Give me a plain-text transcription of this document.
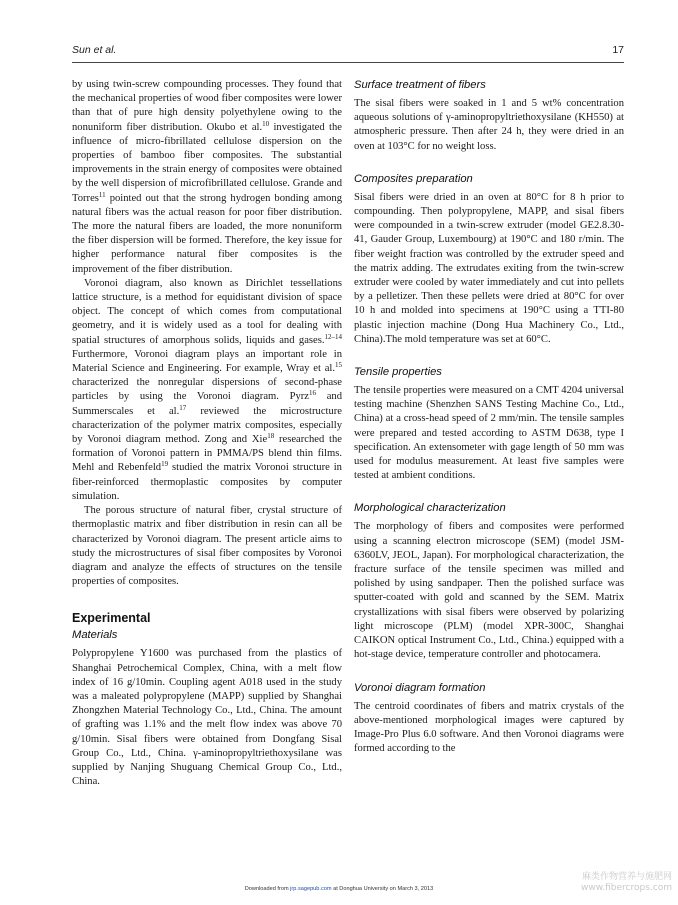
Sun et al.	17

by using twin-screw compounding processes. They found that the mechanical properties of wood fiber composites were lower than that of pure high density polyethylene owing to the nonuniform fiber distribution. Okubo et al.$^{10}$ investigated the influence of micro-fibrillated cellulose dispersion on the properties of bamboo fiber composites. The substantial improvements in the strain energy of composites were obtained by the well dispersion of microfibrillated cellulose. Grande and Torres$^{11}$ pointed out that the strong hydrogen bonding among natural fibers was the actual reason for poor fiber distribution. The more the natural fibers are loaded, the more nonuniform the fiber dispersion will be formed. Therefore, the key issue for higher performance natural fiber composites is the improvement of the fiber distribution.

Voronoi diagram, also known as Dirichlet tessellations lattice structure, is a method for equidistant division of space object. The concept of which comes from computational geometry, and it is widely used as a tool for dealing with spatial structures of amorphous solids, liquids and gases.$^{12-14}$ Furthermore, Voronoi diagram plays an important role in Material Science and Engineering. For example, Wray et al.$^{15}$ characterized the nonregular dispersions of second-phase particles by using the Voronoi diagram. Pyrz$^{16}$ and Summerscales et al.$^{17}$ reviewed the microstructure characterization of the polymer matrix composites, especially by Voronoi diagram method. Zong and Xie$^{18}$ researched the formation of Voronoi pattern in PMMA/PS blend thin films. Mehl and Rebenfeld$^{19}$ studied the matrix Voronoi structure in fiber-reinforced thermoplastic composites by computer simulation.

The porous structure of natural fiber, crystal structure of thermoplastic matrix and fiber distribution in resin can all be characterized by Voronoi diagram. The present article aims to study the microstructures of sisal fiber composites by Voronoi diagram and analyze the effects of structures on the tensile properties of composites.

Experimental
Materials

Polypropylene Y1600 was purchased from the plastics of Shanghai Petrochemical Complex, China, with a melt flow index of 16 g/10min. Coupling agent A018 used in the study was a maleated polypropylene (MAPP) supplied by Shanghai Zhongzhen Material Technology Co., Ltd., China. The amount of grafting was 1.1% and the melt flow index was above 70 g/10min. Sisal fibers were obtained from Dongfang Sisal Group Co., Ltd., China. γ-aminopropyltriethoxysilane was supplied by Nanjing Shuguang Chemical Group Co., Ltd., China.

Surface treatment of fibers

The sisal fibers were soaked in 1 and 5 wt% concentration aqueous solutions of γ-aminopropyltriethoxysilane (KH550) at atmospheric pressure. Then after 24 h, they were dried in an oven at 103°C for no weight loss.

Composites preparation

Sisal fibers were dried in an oven at 80°C for 8 h prior to compounding. Then polypropylene, MAPP, and sisal fibers were compounded in a twin-screw extruder (model GE2.8.30-41, Gauder Group, Luxembourg) at 190°C and 180 r/min. The fiber weight fraction was controlled by the extruder speed and the matrix adding. The extrudates exiting from the twin-screw extruder were cooled by water immediately and cut into pellets by a pelletizer. Then these pellets were dried at 80°C for over 10 h and molded into specimens at 190°C using a TTI-80 plastic injection machine (Dong Hua Machinery Co., Ltd., China).The mold temperature was set at 60°C.

Tensile properties

The tensile properties were measured on a CMT 4204 universal testing machine (Shenzhen SANS Testing Machine Co., Ltd., China) at a cross-head speed of 2 mm/min. The tensile samples were prepared and tested according to ASTM D638, type I specification. An extensometer with gage length of 50 mm was used for modulus measurement. At least five samples were tested at ambient conditions.

Morphological characterization

The morphology of fibers and composites were performed using a scanning electron microscope (SEM) (model JSM-6360LV, JEOL, Japan). For morphological characterization, the fracture surface of the tensile specimen was milled and polished by using sandpaper. Then the polished surface was sputter-coated with gold and scanned by the SEM. Matrix crystallizations with sisal fibers were observed by polarizing light microscope (PLM) (model XPR-300C, Shanghai CAIKON optical Instrument Co., Ltd., China.) equipped with a hot-stage device, temperature controller and photocamera.

Voronoi diagram formation

The centroid coordinates of fibers and matrix crystals of the above-mentioned morphological images were captured by Image-Pro Plus 6.0 software. And then Voronoi diagrams were formed according to the

Downloaded from jrp.sagepub.com at Donghua University on March 3, 2013
麻类作物营养与施肥网
www.fibercrops.com
